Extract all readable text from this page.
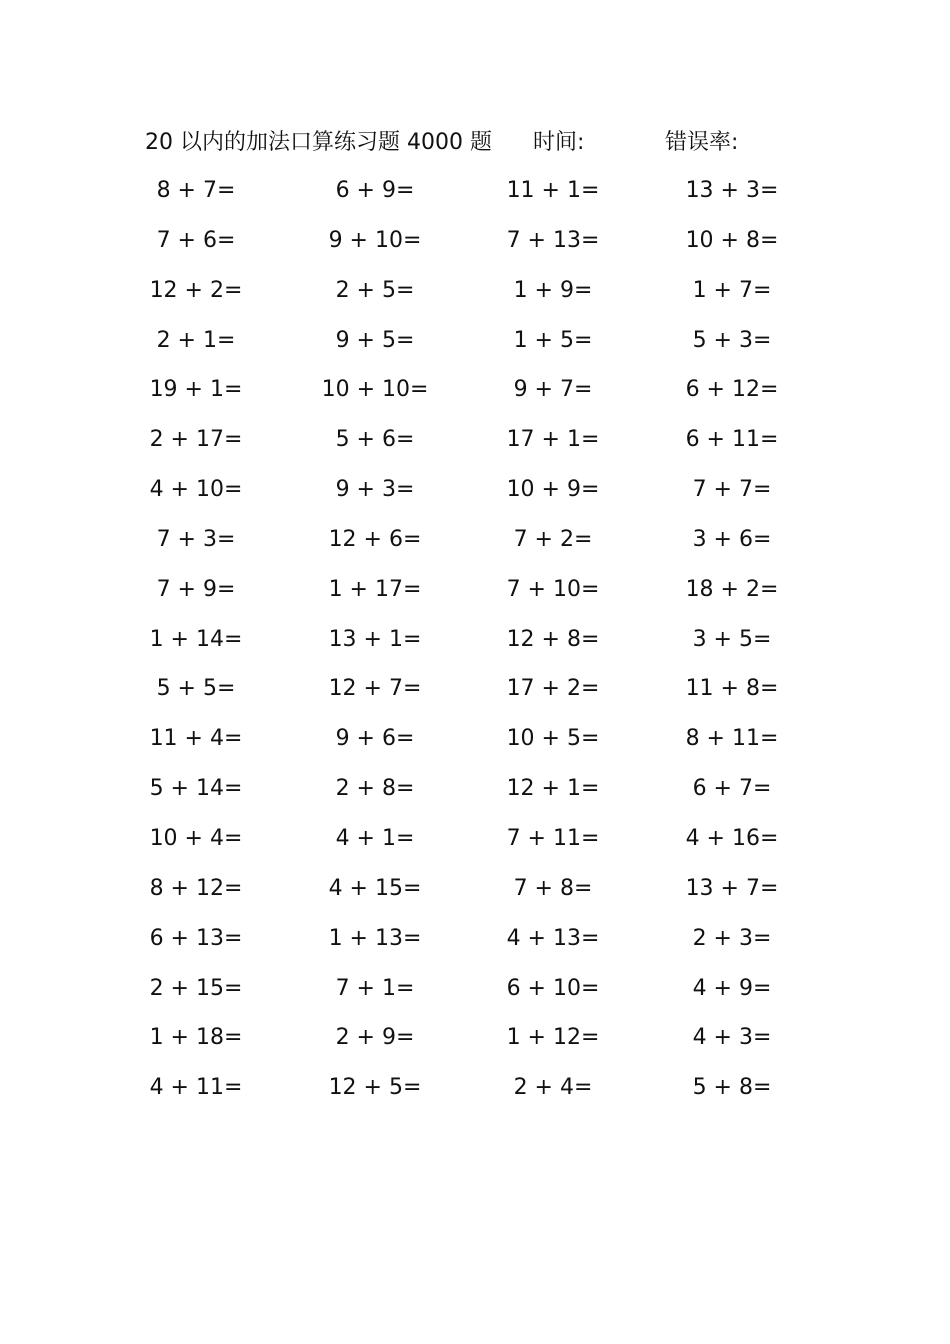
20 以内的加法口算练习题 4000 题 时间:	错误率:
8 + 7=	6 + 9=	11 + 1=	13 + 3=
7 + 6=	9 + 10=	7 + 13=	10 + 8=
12 + 2=	2 + 5=	1 + 9=	1 + 7=
2 + 1=	9 + 5=	1 + 5=	5 + 3=
19 + 1=	10 + 10=	9 + 7=	6 + 12=
2 + 17=	5 + 6=	17 + 1=	6 + 11=
4 + 10=	9 + 3=	10 + 9=	7 + 7=
7 + 3=	12 + 6=	7 + 2=	3 + 6=
7 + 9=	1 + 17=	7 + 10=	18 + 2=
1 + 14=	13 + 1=	12 + 8=	3 + 5=
5 + 5=	12 + 7=	17 + 2=	11 + 8=
11 + 4=	9 + 6=	10 + 5=	8 + 11=
5 + 14=	2 + 8=	12 + 1=	6 + 7=
10 + 4=	4 + 1=	7 + 11=	4 + 16=
8 + 12=	4 + 15=	7 + 8=	13 + 7=
6 + 13=	1 + 13=	4 + 13=	2 + 3=
2 + 15=	7 + 1=	6 + 10=	4 + 9=
1 + 18=	2 + 9=	1 + 12=	4 + 3=
4 + 11=	12 + 5=	2 + 4=	5 + 8=
